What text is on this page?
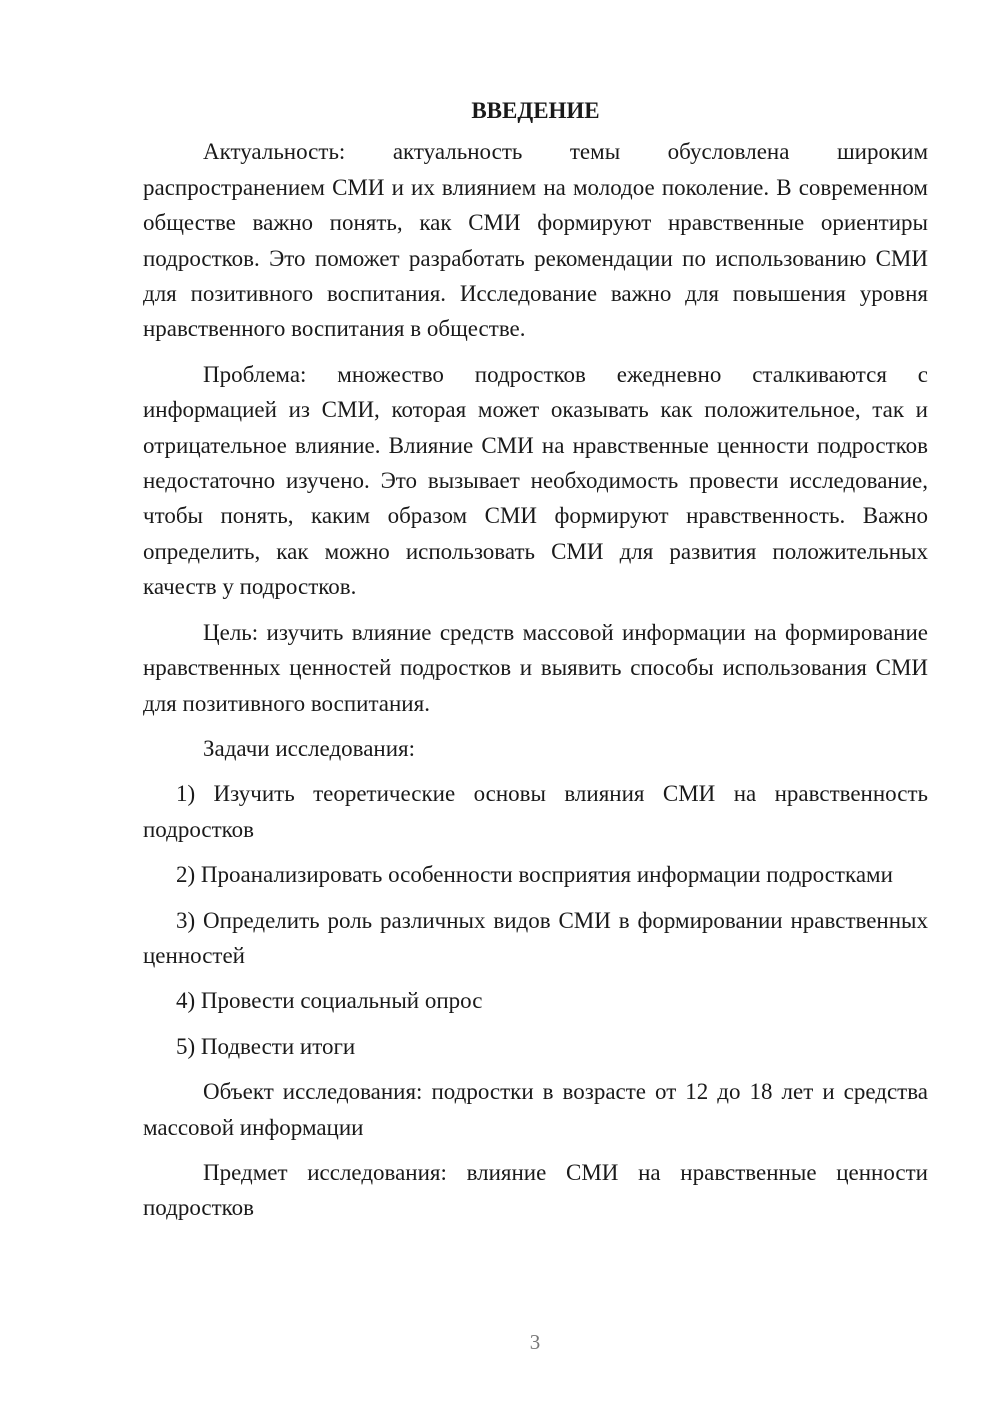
ВВЕДЕНИЕ

Актуальность: актуальность темы обусловлена широким распространением СМИ и их влиянием на молодое поколение. В современном обществе важно понять, как СМИ формируют нравственные ориентиры подростков. Это поможет разработать рекомендации по использованию СМИ для позитивного воспитания. Исследование важно для повышения уровня нравственного воспитания в обществе.

Проблема: множество подростков ежедневно сталкиваются с информацией из СМИ, которая может оказывать как положительное, так и отрицательное влияние. Влияние СМИ на нравственные ценности подростков недостаточно изучено. Это вызывает необходимость провести исследование, чтобы понять, каким образом СМИ формируют нравственность. Важно определить, как можно использовать СМИ для развития положительных качеств у подростков.

Цель: изучить влияние средств массовой информации на формирование нравственных ценностей подростков и выявить способы использования СМИ для позитивного воспитания.

Задачи исследования:

1) Изучить теоретические основы влияния СМИ на нравственность подростков

2) Проанализировать особенности восприятия информации подростками

3) Определить роль различных видов СМИ в формировании нравственных ценностей

4) Провести социальный опрос

5) Подвести итоги

Объект исследования: подростки в возрасте от 12 до 18 лет и средства массовой информации

Предмет исследования: влияние СМИ на нравственные ценности подростков

3
